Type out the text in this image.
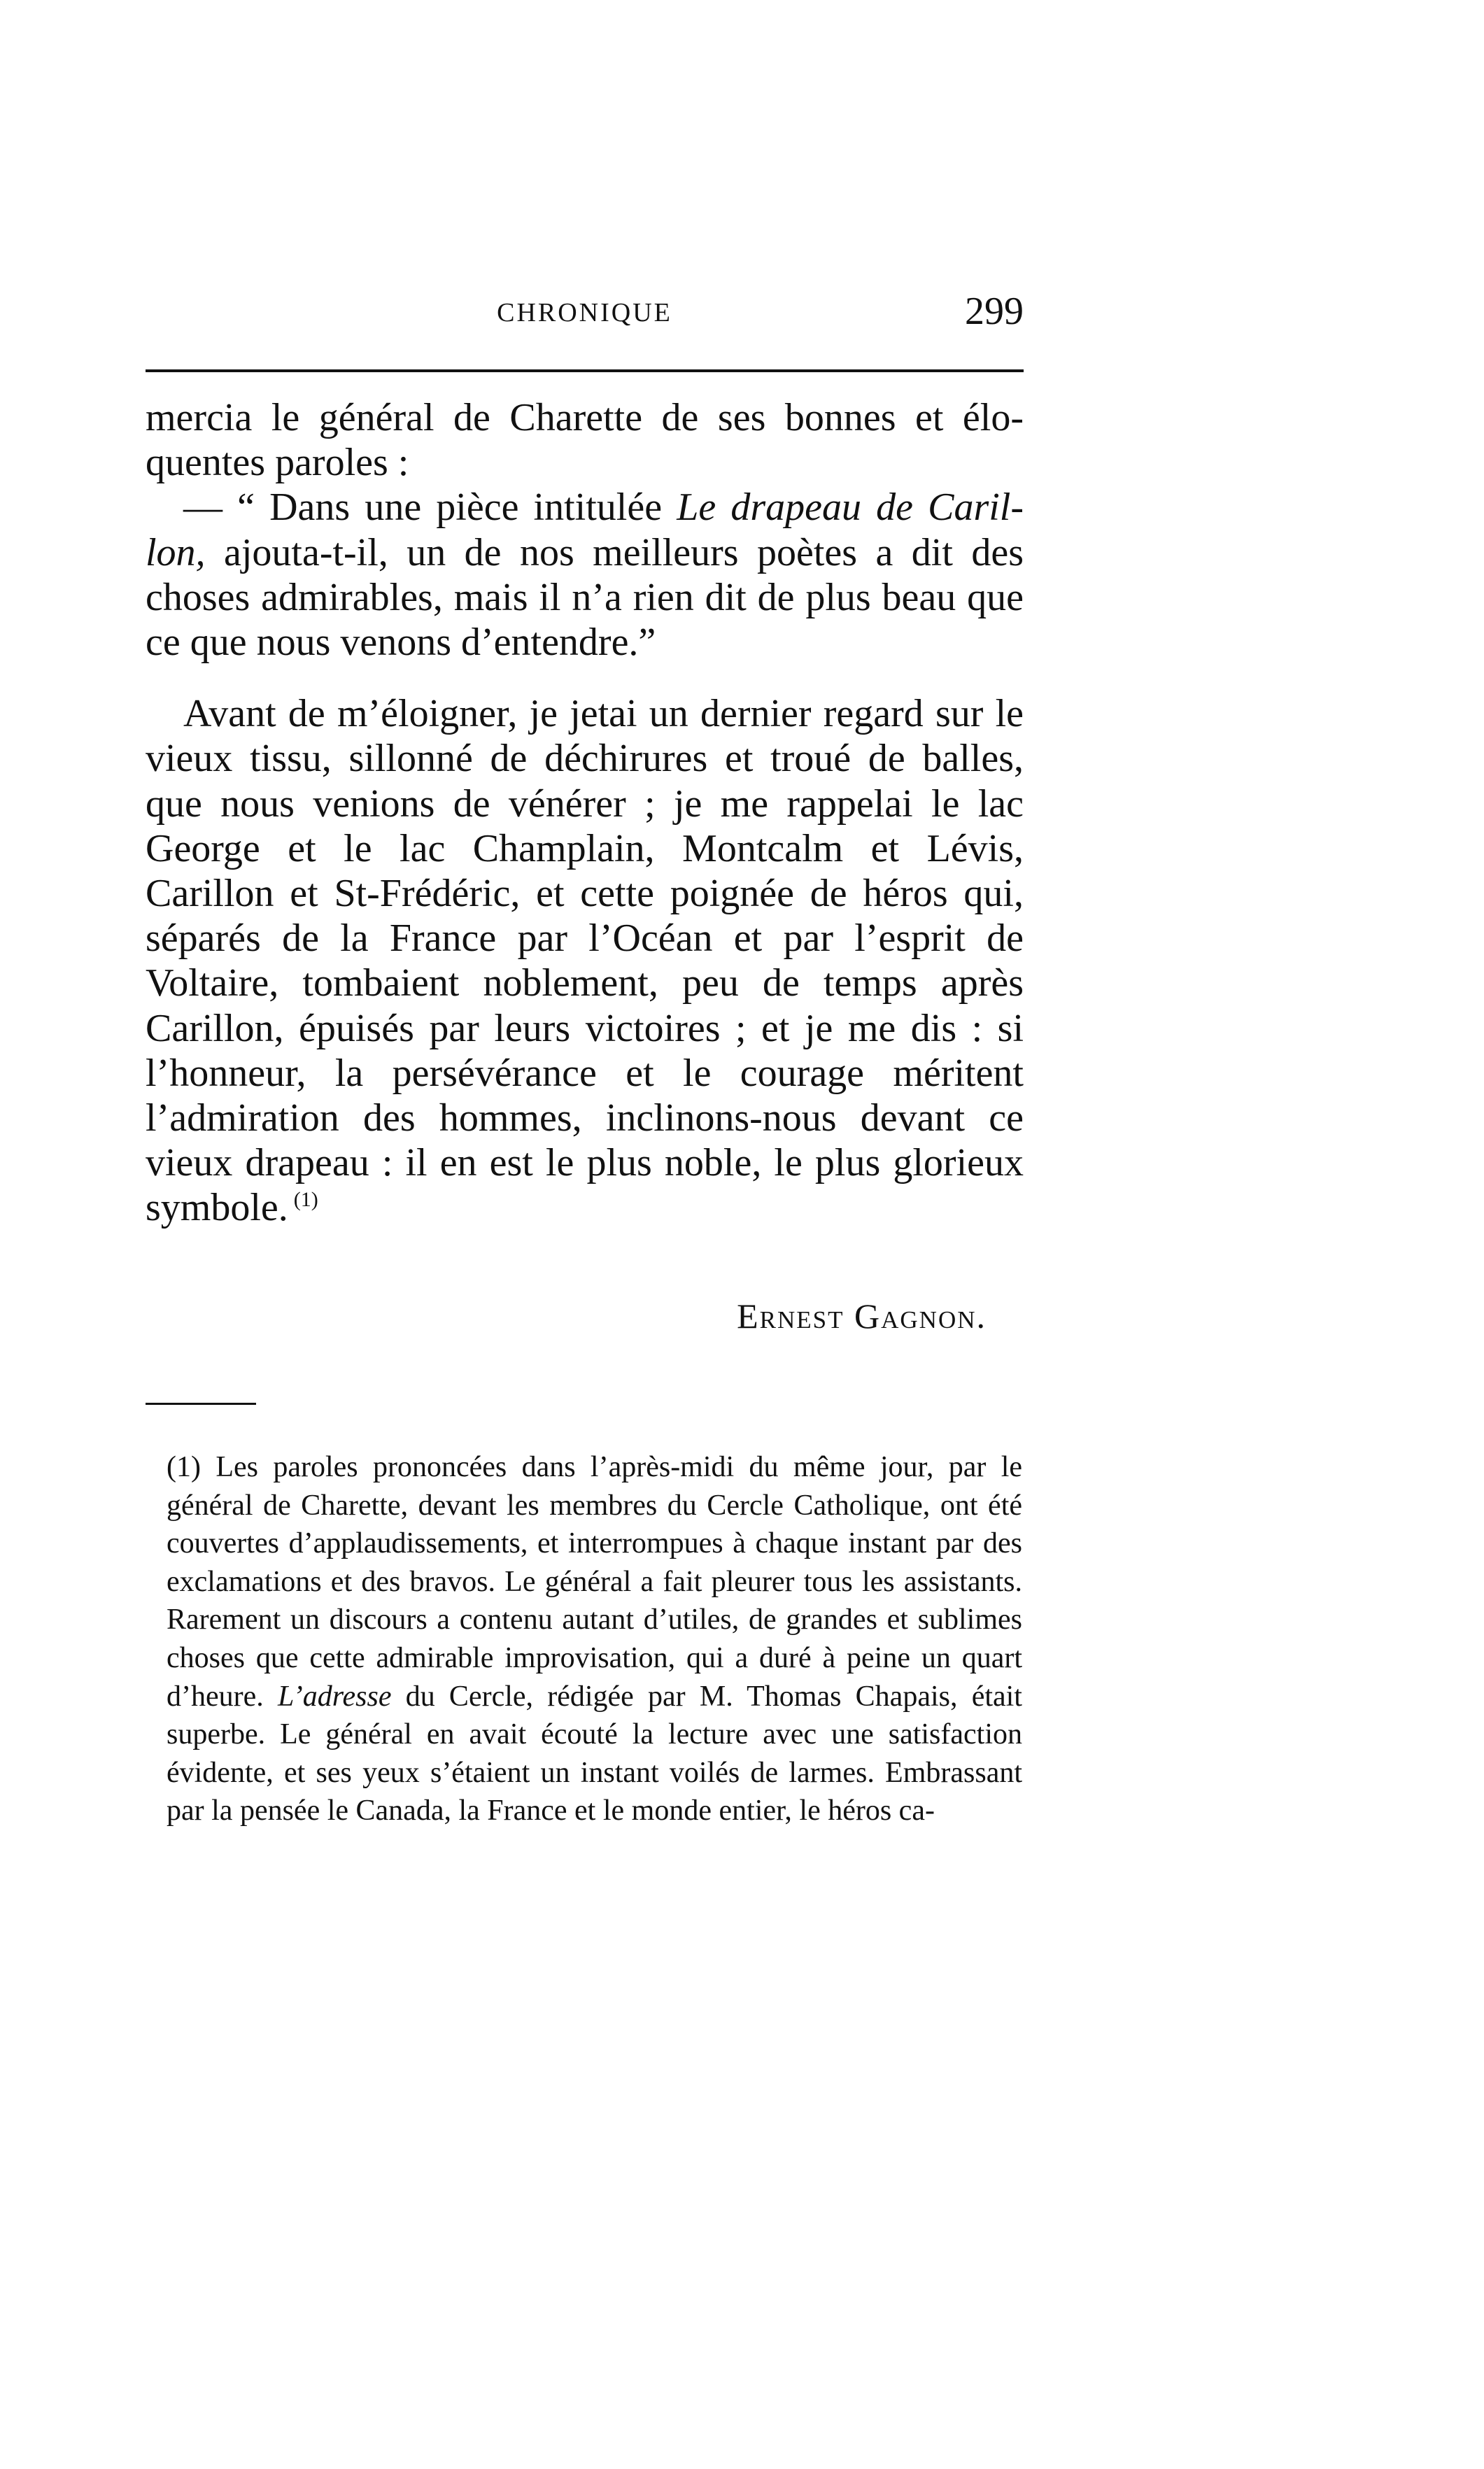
CHRONIQUE	299

mercia le général de Charette de ses bonnes et éloquentes paroles :

— “ Dans une pièce intitulée Le drapeau de Carillon, ajouta-t-il, un de nos meilleurs poètes a dit des choses admirables, mais il n’a rien dit de plus beau que ce que nous venons d’entendre.”

Avant de m’éloigner, je jetai un dernier regard sur le vieux tissu, sillonné de déchirures et troué de balles, que nous venions de vénérer ; je me rappelai le lac George et le lac Champlain, Montcalm et Lévis, Carillon et St-Frédéric, et cette poignée de héros qui, séparés de la France par l’Océan et par l’esprit de Voltaire, tombaient noblement, peu de temps après Carillon, épuisés par leurs victoires ; et je me dis : si l’honneur, la persévérance et le courage méritent l’admiration des hommes, inclinons-nous devant ce vieux drapeau : il en est le plus noble, le plus glorieux symbole. $^{(1)}$

Ernest Gagnon.
(1) Les paroles prononcées dans l’après-midi du même jour, par le général de Charette, devant les membres du Cercle Catholique, ont été couvertes d’applaudissements, et interrompues à chaque instant par des exclamations et des bravos. Le général a fait pleurer tous les assistants. Rarement un discours a contenu autant d’utiles, de grandes et sublimes choses que cette admirable improvisation, qui a duré à peine un quart d’heure. L’adresse du Cercle, rédigée par M. Thomas Chapais, était superbe. Le général en avait écouté la lecture avec une satisfaction évidente, et ses yeux s’étaient un instant voilés de larmes. Embrassant par la pensée le Canada, la France et le monde entier, le héros ca-
